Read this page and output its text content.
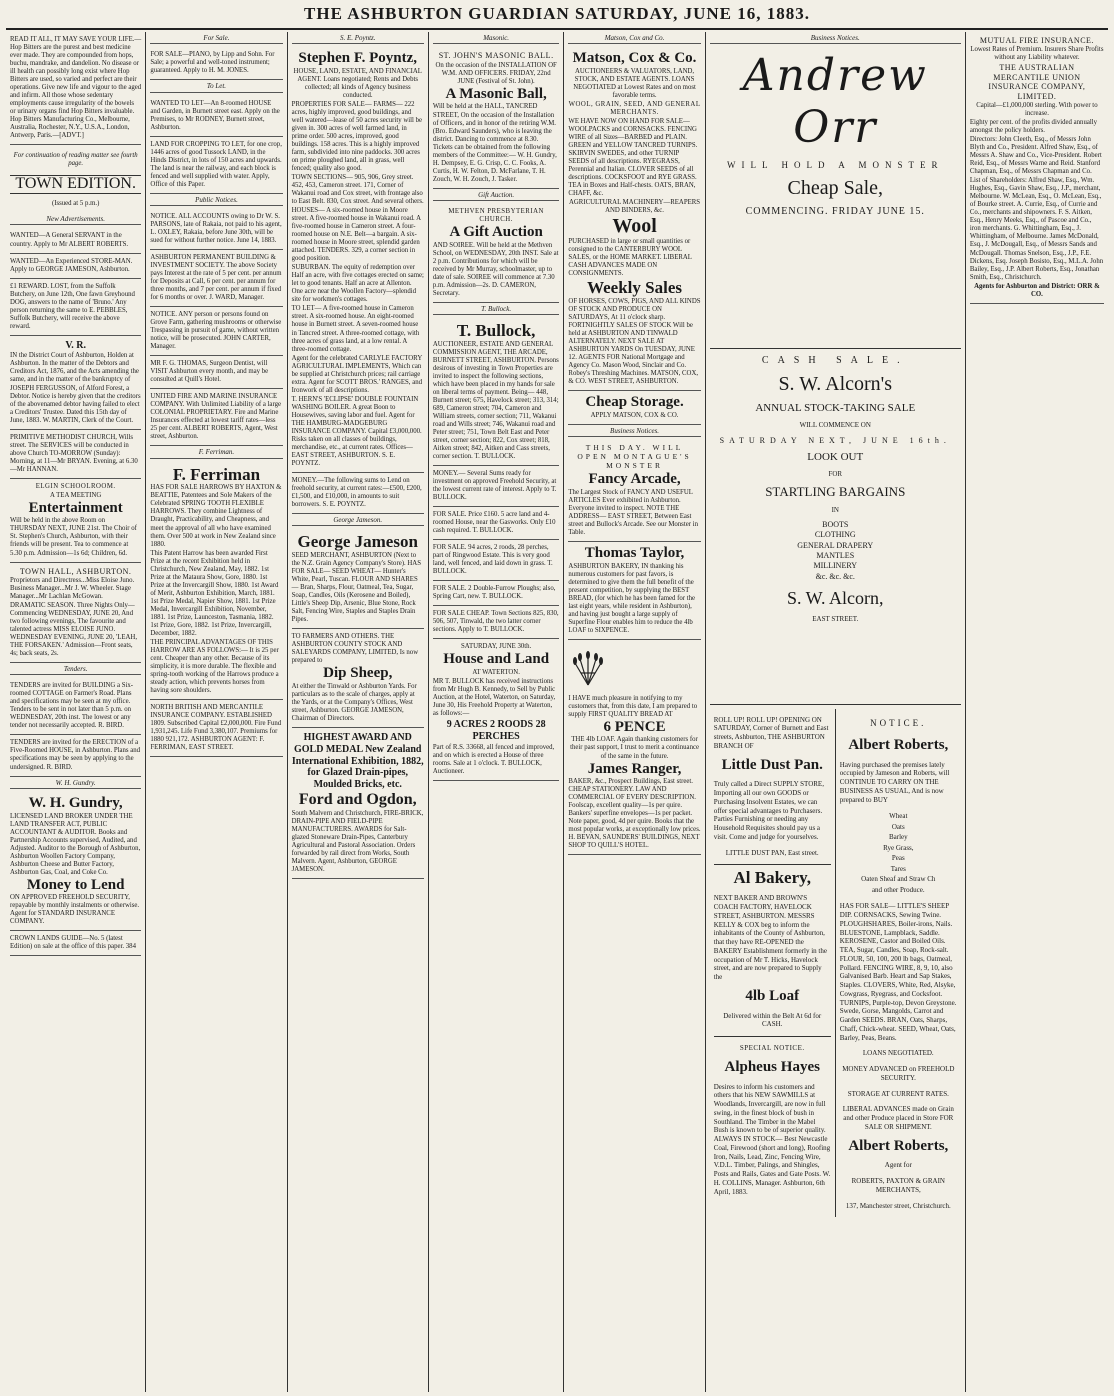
THE ASHBURTON GUARDIAN SATURDAY, JUNE 16, 1883.

READ IT ALL, IT MAY SAVE YOUR LIFE.—Hop Bitters are the purest and best medicine ever made. They are compounded from hops, buchu, mandrake, and dandelion. No disease or ill health can possibly long exist where Hop Bitters are used, so varied and perfect are their operations. Give new life and vigour to the aged and infirm. All those whose sedentary employments cause irregularity of the bowels or urinary organs find Hop Bitters invaluable. Hop Bitters Manufacturing Co., Melbourne, Australia, Rochester, N.Y., U.S.A., London, Antwerp, Paris.—[ADVT.]

For continuation of reading matter see fourth page.

TOWN EDITION.

(Issued at 5 p.m.)

New Advertisements.

WANTED—A General SERVANT in the country. Apply to Mr ALBERT ROBERTS.

WANTED—An Experienced STORE-MAN. Apply to GEORGE JAMESON, Ashburton.

£1 REWARD. LOST, from the Suffolk Butchery, on June 12th, One fawn Greyhound DOG, answers to the name of 'Bruno.' Any person returning the same to E. PEBBLES, Suffolk Butchery, will receive the above reward.

V. R.

IN the District Court of Ashburton, Holden at Ashburton. In the matter of the Debtors and Creditors Act, 1876, and the Acts amending the same, and in the matter of the bankruptcy of JOSEPH FERGUSSON, of Alford Forest, a Debtor. Notice is hereby given that the creditors of the abovenamed debtor having failed to elect a Creditors' Trustee. Dated this 15th day of June, 1883. W. MARTIN, Clerk of the Court.

PRIMITIVE METHODIST CHURCH, Wills street. The SERVICES will be conducted in above Church TO-MORROW (Sunday): Morning, at 11—Mr BRYAN. Evening, at 6.30—Mr HANNAN.

ELGIN SCHOOLROOM.

A TEA MEETING

Entertainment

Will be held in the above Room on THURSDAY NEXT, JUNE 21st. The Choir of St. Stephen's Church, Ashburton, with their friends will be present. Tea to commence at 5.30 p.m. Admission—1s 6d; Children, 6d.

TOWN HALL, ASHBURTON.

Proprietors and Directress...Miss Eloise Juno. Business Manager...Mr J. W. Wheeler. Stage Manager...Mr Lachlan McGowan.

DRAMATIC SEASON. Three Nights Only—Commencing WEDNESDAY, JUNE 20, And two following evenings, The favourite and talented actress MISS ELOISE JUNO. WEDNESDAY EVENING, JUNE 20, 'LEAH, THE FORSAKEN.' Admission—Front seats, 4s; back seats, 2s.

Tenders.

TENDERS are invited for BUILDING a Six-roomed COTTAGE on Farmer's Road. Plans and specifications may be seen at my office. Tenders to be sent in not later than 5 p.m. on WEDNESDAY, 20th inst. The lowest or any tender not necessarily accepted. R. BIRD.

TENDERS are invited for the ERECTION of a Five-Roomed HOUSE, in Ashburton. Plans and specifications may be seen by applying to the undersigned. R. BIRD.

W. H. Gundry.

W. H. Gundry,

LICENSED LAND BROKER UNDER THE LAND TRANSFER ACT, PUBLIC ACCOUNTANT & AUDITOR. Books and Partnership Accounts supervised, Audited, and Adjusted. Auditor to the Borough of Ashburton, Ashburton Woollen Factory Company, Ashburton Cheese and Butter Factory, Ashburton Gas, Coal, and Coke Co.

Money to Lend

ON APPROVED FREEHOLD SECURITY, repayable by monthly instalments or otherwise. Agent for STANDARD INSURANCE COMPANY.

CROWN LANDS GUIDE—No. 5 (latest Edition) on sale at the office of this paper. 384

For Sale.

FOR SALE—PIANO, by Lipp and Sohn. For Sale; a powerful and well-toned instrument; guaranteed. Apply to H. M. JONES.

To Let.

WANTED TO LET—An 8-roomed HOUSE and Garden, in Burnett street east. Apply on the Premises, to Mr RODNEY, Burnett street, Ashburton.

LAND FOR CROPPING TO LET, for one crop, 1446 acres of good Tussock LAND, in the Hinds District, in lots of 150 acres and upwards. The land is near the railway, and each block is fenced and well supplied with water. Apply, Office of this Paper.

Public Notices.

NOTICE. ALL ACCOUNTS owing to Dr W. S. PARSONS, late of Rakaia, not paid to his agent, L. OXLEY, Rakaia, before June 30th, will be sued for without further notice. June 14, 1883.

ASHBURTON PERMANENT BUILDING & INVESTMENT SOCIETY. The above Society pays Interest at the rate of 5 per cent. per annum for Deposits at Call, 6 per cent. per annum for three months, and 7 per cent. per annum if fixed for 6 months or over. J. WARD, Manager.

NOTICE. ANY person or persons found on Grove Farm, gathering mushrooms or otherwise Trespassing in pursuit of game, without written notice, will be prosecuted. JOHN CARTER, Manager.

MR F. G. THOMAS, Surgeon Dentist, will VISIT Ashburton every month, and may be consulted at Quill's Hotel.

UNITED FIRE AND MARINE INSURANCE COMPANY. With Unlimited Liability of a large COLONIAL PROPRIETARY. Fire and Marine Insurances effected at lowest tariff rates—less 25 per cent. ALBERT ROBERTS, Agent, West street, Ashburton.

F. Ferriman.

F. Ferriman

HAS FOR SALE HARROWS BY HAXTON & BEATTIE, Patentees and Sole Makers of the Celebrated SPRING TOOTH FLEXIBLE HARROWS. They combine Lightness of Draught, Practicability, and Cheapness, and meet the approval of all who have examined them. Over 500 at work in New Zealand since 1880.

This Patent Harrow has been awarded First Prize at the recent Exhibition held in Christchurch, New Zealand, May, 1882. 1st Prize at the Mataura Show, Gore, 1880. 1st Prize at the Invercargill Show, 1880. 1st Award of Merit, Ashburton Exhibition, March, 1881. 1st Prize Medal, Napier Show, 1881. 1st Prize Medal, Invercargill Exhibition, November, 1881. 1st Prize, Launceston, Tasmania, 1882. 1st Prize, Gore, 1882. 1st Prize, Invercargill, December, 1882.

THE PRINCIPAL ADVANTAGES OF THIS HARROW ARE AS FOLLOWS:— It is 25 per cent. Cheaper than any other. Because of its simplicity, it is more durable. The flexible and spring-tooth working of the Harrows produce a steady action, which prevents horses from having sore shoulders.

NORTH BRITISH AND MERCANTILE INSURANCE COMPANY. ESTABLISHED 1809. Subscribed Capital £2,000,000. Fire Fund 1,931,245. Life Fund 3,380,107. Premiums for 1880 921,172. ASHBURTON AGENT: F. FERRIMAN, EAST STREET.

S. E. Poyntz.

Stephen F. Poyntz,

HOUSE, LAND, ESTATE, AND FINANCIAL AGENT. Loans negotiated; Rents and Debts collected; all kinds of Agency business conducted.

PROPERTIES FOR SALE— FARMS— 222 acres, highly improved, good buildings, and well watered—lease of 50 acres security will be given in. 300 acres of well farmed land, in prime order. 500 acres, improved, good buildings. 158 acres. This is a highly improved farm, subdivided into nine paddocks. 300 acres on prime ploughed land, all in grass, well fenced; quality also good.

TOWN SECTIONS— 905, 906, Grey street. 452, 453, Cameron street. 171, Corner of Wakanui road and Cox street, with frontage also to East Belt. 830, Cox street. And several others.

HOUSES— A six-roomed house in Moore street. A five-roomed house in Wakanui road. A five-roomed house in Cameron street. A four-roomed house on N.E. Belt—a bargain. A six-roomed house in Moore street, splendid garden attached. TENDERS. 329, a corner section in good position.

SUBURBAN. The equity of redemption over Half an acre, with five cottages erected on same; let to good tenants. Half an acre at Allenton. One acre near the Woollen Factory—splendid site for workmen's cottages.

TO LET— A five-roomed house in Cameron street. A six-roomed house. An eight-roomed house in Burnett street. A seven-roomed house in Tancred street. A three-roomed cottage, with three acres of grass land, at a low rental. A three-roomed cottage.

Agent for the celebrated CARLYLE FACTORY AGRICULTURAL IMPLEMENTS, Which can be supplied at Christchurch prices; rail carriage extra. Agent for SCOTT BROS.' RANGES, and Ironwork of all descriptions.

T. HERN'S 'ECLIPSE' DOUBLE FOUNTAIN WASHING BOILER. A great Boon to Housewives, saving labor and fuel. Agent for THE HAMBURG-MADGEBURG INSURANCE COMPANY. Capital £3,000,000. Risks taken on all classes of buildings, merchandise, etc., at current rates. Offices— EAST STREET, ASHBURTON. S. E. POYNTZ.

MONEY.—The following sums to Lend on freehold security, at current rates:—£500, £200, £1,500, and £10,000, in amounts to suit borrowers. S. E. POYNTZ.

George Jameson.

George Jameson

SEED MERCHANT, ASHBURTON (Next to the N.Z. Grain Agency Company's Store). HAS FOR SALE— SEED WHEAT— Hunter's White, Pearl, Tuscan. FLOUR AND SHARES— Bran, Sharps, Flour, Oatmeal, Tea, Sugar, Soap, Candles, Oils (Kerosene and Boiled), Little's Sheep Dip, Arsenic, Blue Stone, Rock Salt, Fencing Wire, Staples and Staples Drain Pipes.

TO FARMERS AND OTHERS. THE ASHBURTON COUNTY STOCK AND SALEYARDS COMPANY, LIMITED, Is now prepared to

Dip Sheep,

At either the Tinwald or Ashburton Yards. For particulars as to the scale of charges, apply at the Yards, or at the Company's Offices, West street, Ashburton. GEORGE JAMESON, Chairman of Directors.

HIGHEST AWARD AND GOLD MEDAL New Zealand International Exhibition, 1882, for Glazed Drain-pipes, Moulded Bricks, etc.

Ford and Ogdon,

South Malvern and Christchurch, FIRE-BRICK, DRAIN-PIPE AND FIELD-PIPE MANUFACTURERS. AWARDS for Salt-glazed Stoneware Drain-Pipes, Canterbury Agricultural and Pastoral Association. Orders forwarded by rail direct from Works, South Malvern. Agent, Ashburton, GEORGE JAMESON.

Masonic.

ST. JOHN'S MASONIC BALL.

On the occasion of the INSTALLATION OF W.M. AND OFFICERS. FRIDAY, 22nd JUNE (Festival of St. John).

A Masonic Ball,

Will be held at the HALL, TANCRED STREET, On the occasion of the Installation of Officers, and in honor of the retiring W.M. (Bro. Edward Saunders), who is leaving the district. Dancing to commence at 8.30. Tickets can be obtained from the following members of the Committee:— W. H. Gundry, H. Dempsey, E. G. Crisp, C. C. Fooks, A. Curtis, H. W. Felton, D. McFarlane, T. H. Zouch, W. H. Zouch, J. Tasker.

Gift Auction.

METHVEN PRESBYTERIAN CHURCH.

A Gift Auction

AND SOIREE. Will be held at the Methven School, on WEDNESDAY, 20th INST. Sale at 2 p.m. Contributions for which will be received by Mr Murray, schoolmaster, up to date of sale. SOIREE will commence at 7.30 p.m. Admission—2s. D. CAMERON, Secretary.

T. Bullock.

T. Bullock,

AUCTIONEER, ESTATE AND GENERAL COMMISSION AGENT, THE ARCADE, BURNETT STREET, ASHBURTON. Persons desirous of investing in Town Properties are invited to inspect the following sections, which have been placed in my hands for sale on liberal terms of payment. Being— 448, Burnett street; 675, Havelock street; 313, 314; 689, Cameron street; 704, Cameron and William streets, corner section; 711, Wakanui road and Wills street; 746, Wakanui road and Peter street; 751, Town Belt East and Peter street, corner section; 822, Cox street; 818, Aitken street; 842, Aitken and Cass streets, corner section. T. BULLOCK.

MONEY.— Several Sums ready for investment on approved Freehold Security, at the lowest current rate of interest. Apply to T. BULLOCK.

FOR SALE. Price £160. 5 acre land and 4-roomed House, near the Gasworks. Only £10 cash required. T. BULLOCK.

FOR SALE. 94 acres, 2 roods, 28 perches, part of Ringwood Estate. This is very good land, well fenced, and laid down in grass. T. BULLOCK.

FOR SALE. 2 Double-Furrow Ploughs; also, Spring Cart, new. T. BULLOCK.

FOR SALE CHEAP. Town Sections 825, 830, 506, 507, Tinwald, the two latter corner sections. Apply to T. BULLOCK.

SATURDAY, JUNE 30th.

House and Land

AT WATERTON.

MR T. BULLOCK has received instructions from Mr Hugh B. Kennedy, to Sell by Public Auction, at the Hotel, Waterton, on Saturday, June 30, His Freehold Property at Waterton, as follows:—

9 ACRES 2 ROODS 28 PERCHES

Part of R.S. 33668, all fenced and improved, and on which is erected a House of three rooms. Sale at 1 o'clock. T. BULLOCK, Auctioneer.

Matson, Cox and Co.

Matson, Cox & Co.

AUCTIONEERS & VALUATORS, LAND, STOCK, AND ESTATE AGENTS. LOANS NEGOTIATED at Lowest Rates and on most favorable terms.

WOOL, GRAIN, SEED, AND GENERAL MERCHANTS.

WE HAVE NOW ON HAND FOR SALE— WOOLPACKS and CORNSACKS. FENCING WIRE of all Sizes—BARBED and PLAIN. GREEN and YELLOW TANCRED TURNIPS. SKIRVIN SWEDES, and other TURNIP SEEDS of all descriptions. RYEGRASS, Perennial and Italian. CLOVER SEEDS of all descriptions. COCKSFOOT and RYE GRASS. TEA in Boxes and Half-chests. OATS, BRAN, CHAFF, &c.

AGRICULTURAL MACHINERY—REAPERS AND BINDERS, &c.

Wool

PURCHASED in large or small quantities or consigned to the CANTERBURY WOOL SALES, or the HOME MARKET. LIBERAL CASH ADVANCES MADE ON CONSIGNMENTS.

Weekly Sales

OF HORSES, COWS, PIGS, AND ALL KINDS OF STOCK AND PRODUCE ON SATURDAYS, At 11 o'clock sharp. FORTNIGHTLY SALES OF STOCK Will be held at ASHBURTON AND TINWALD ALTERNATELY. NEXT SALE AT ASHBURTON YARDS On TUESDAY, JUNE 12. AGENTS FOR National Mortgage and Agency Co. Mason Wood, Sinclair and Co. Robey's Threshing Machines. MATSON, COX, & CO. WEST STREET, ASHBURTON.

Cheap Storage.

APPLY MATSON, COX & CO.

Business Notices.

THIS DAY. WILL OPEN MONTAGUE'S MONSTER

Fancy Arcade,

The Largest Stock of FANCY AND USEFUL ARTICLES Ever exhibited in Ashburton. Everyone invited to inspect. NOTE THE ADDRESS— EAST STREET, Between East street and Bullock's Arcade. See our Monster in Table.

Thomas Taylor,

ASHBURTON BAKERY, IN thanking his numerous customers for past favors, is determined to give them the full benefit of the present competition, by supplying the BEST BREAD, (for which he has been famed for the last eight years, while resident in Ashburton), and having just bought a large supply of Superfine Flour enables him to reduce the 4lb LOAF to SIXPENCE.

I HAVE much pleasure in notifying to my customers that, from this date, I am prepared to supply FIRST QUALITY BREAD AT

6 PENCE

THE 4lb LOAF. Again thanking customers for their past support, I trust to merit a continuance of the same in the future.

James Ranger,

BAKER, &c., Prospect Buildings, East street. CHEAP STATIONERY. LAW AND COMMERCIAL OF EVERY DESCRIPTION. Foolscap, excellent quality—1s per quire. Bankers' superfine envelopes—1s per packet. Note paper, good, 4d per quire. Books that the most popular works, at exceptionally low prices. H. BEVAN, SAUNDERS' BUILDINGS, NEXT SHOP TO QUILL'S HOTEL.

Business Notices.
Andrew Orr
WILL HOLD A MONSTER
Cheap Sale,
COMMENCING. FRIDAY JUNE 15.
CASH SALE.
S. W. Alcorn's
ANNUAL STOCK-TAKING SALE
WILL COMMENCE ON
SATURDAY NEXT, JUNE 16th.
LOOK OUT
FOR
STARTLING BARGAINS
IN
BOOTS
CLOTHING
GENERAL DRAPERY
MANTLES
MILLINERY
&c. &c. &c.
S. W. Alcorn,
EAST STREET.

ROLL UP! ROLL UP! OPENING ON SATURDAY, Corner of Burnett and East streets, Ashburton, THE ASHBURTON BRANCH OF

Little Dust Pan.

Truly called a Direct SUPPLY STORE, Importing all our own GOODS or Purchasing Insolvent Estates, we can offer special advantages to Purchasers. Parties Furnishing or needing any Household Requisites should pay us a visit. Come and judge for yourselves.

LITTLE DUST PAN, East street.

Al Bakery,

NEXT BAKER AND BROWN'S COACH FACTORY, HAVELOCK STREET, ASHBURTON. MESSRS KELLY & COX beg to inform the inhabitants of the County of Ashburton, that they have RE-OPENED the BAKERY Establishment formerly in the occupation of Mr T. Hicks, Havelock street, and are now prepared to Supply the

4lb Loaf

Delivered within the Belt At 6d for CASH.

SPECIAL NOTICE.

Alpheus Hayes

Desires to inform his customers and others that his NEW SAWMILLS at Woodlands, Invercargill, are now in full swing, in the finest block of bush in Southland. The Timber in the Mabel Bush is known to be of superior quality. ALWAYS IN STOCK— Best Newcastle Coal, Firewood (short and long), Roofing Iron, Nails, Lead, Zinc, Fencing Wire, V.D.L. Timber, Palings, and Shingles, Posts and Rails, Gates and Gate Posts. W. H. COLLINS, Manager. Ashburton, 6th April, 1883.

NOTICE.

Albert Roberts,

Having purchased the premises lately occupied by Jameson and Roberts, will CONTINUE TO CARRY ON THE BUSINESS AS USUAL, And is now prepared to BUY

Wheat
Oats
Barley
Rye Grass,
Peas
Tares
Oaten Sheaf and Straw Ch
and other Produce.

HAS FOR SALE— LITTLE'S SHEEP DIP. CORNSACKS, Sewing Twine. PLOUGHSHARES, Boiler-irons, Nails. BLUESTONE, Lampblack, Saddle. KEROSENE, Castor and Boiled Oils. TEA, Sugar, Candles, Soap, Rock-salt. FLOUR, 50, 100, 200 lb bags, Oatmeal, Pollard. FENCING WIRE, 8, 9, 10, also Galvanised Barb. Heart and Sap Stakes, Staples. CLOVERS, White, Red, Alsyke, Cowgrass, Ryegrass, and Cocksfoot. TURNIPS, Purple-top, Devon Greystone. Swede, Gorse, Mangolds, Carrot and Garden SEEDS. BRAN, Oats, Sharps, Chaff, Chick-wheat. SEED, Wheat, Oats, Barley, Peas, Beans.

LOANS NEGOTIATED.

MONEY ADVANCED on FREEHOLD SECURITY.

STORAGE AT CURRENT RATES.

LIBERAL ADVANCES made on Grain and other Produce placed in Store FOR SALE OR SHIPMENT.

Albert Roberts,

Agent for

ROBERTS, PAXTON & GRAIN MERCHANTS,

137, Manchester street, Christchurch.

MUTUAL FIRE INSURANCE.

Lowest Rates of Premium. Insurers Share Profits without any Liability whatever.

THE AUSTRALIAN MERCANTILE UNION INSURANCE COMPANY, LIMITED.

Capital—£1,000,000 sterling. With power to increase.

Eighty per cent. of the profits divided annually amongst the policy holders.

Directors: John Cleeth, Esq., of Messrs John Blyth and Co., President. Alfred Shaw, Esq., of Messrs A. Shaw and Co., Vice-President. Robert Reid, Esq., of Messrs Warne and Reid. Stanford Chapman, Esq., of Messrs Chapman and Co.

List of Shareholders: Alfred Shaw, Esq., Wm. Hughes, Esq., Gavin Shaw, Esq., J.P., merchant, Melbourne. W. McLean, Esq., O. McLean, Esq., of Bourke street. A. Currie, Esq., of Currie and Co., merchants and shipowners. F. S. Aitken, Esq., Henry Meeks, Esq., of Pascoe and Co., iron merchants. G. Whittingham, Esq., J. Whittingham, of Melbourne. James McDonald, Esq., J. McDougall, Esq., of Messrs Sands and McDougall. Thomas Snelson, Esq., J.P., F.E. Dickens, Esq. Joseph Bosisto, Esq., M.L.A. John Bailey, Esq., J.P. Albert Roberts, Esq., Jonathan Smith, Esq., Christchurch.

Agents for Ashburton and District: ORR & CO.
